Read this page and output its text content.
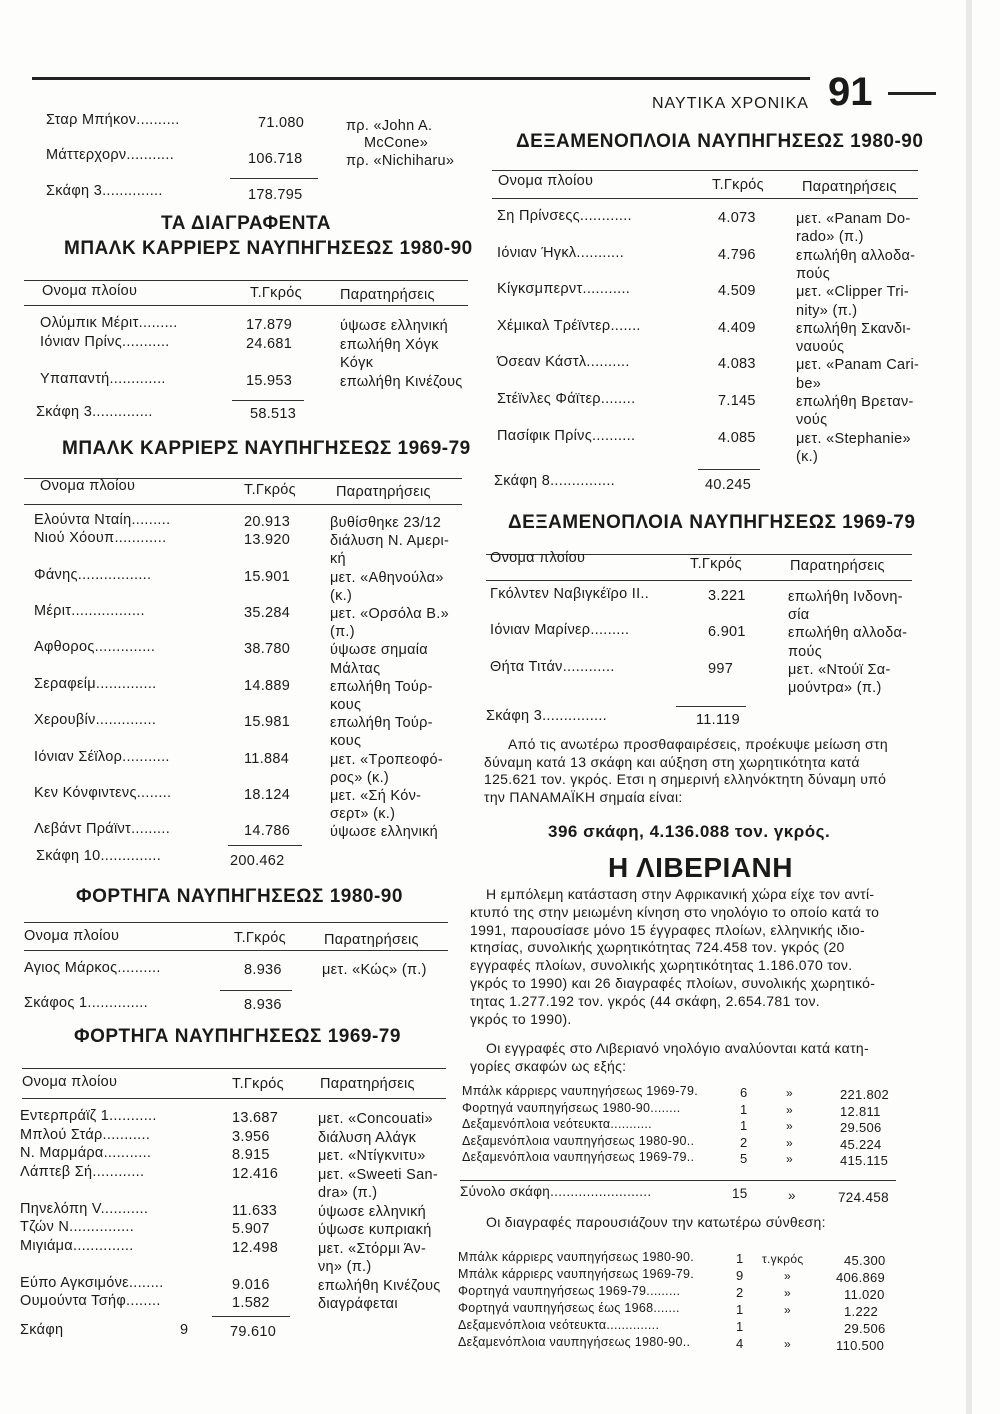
ΝΑΥΤΙΚΑ ΧΡΟΝΙΚΑ 91
Σταρ Μπήκον..........	71.080	πρ. «John A.
McCone»
Μάττερχορν...........	106.718	πρ. «Nichiharu»
Σκάφη 3..............	178.795
ΤΑ ΔΙΑΓΡΑΦΕΝΤΑ
ΜΠΑΛΚ ΚΑΡΡΙΕΡΣ ΝΑΥΠΗΓΗΣΕΩΣ 1980-90
Ονομα πλοίου	Τ.Γκρός	Παρατηρήσεις
Ολύμπικ Μέριτ.........	17.879	ύψωσε ελληνική
Ιόνιαν Πρίνς...........	24.681	επωλήθη Χόγκ
Κόγκ
Υπαπαντή.............	15.953	επωλήθη Κινέζους
Σκάφη 3..............	58.513
ΜΠΑΛΚ ΚΑΡΡΙΕΡΣ ΝΑΥΠΗΓΗΣΕΩΣ 1969-79
Ονομα πλοίου	Τ.Γκρός	Παρατηρήσεις
Ελούντα Νταίη.........	20.913	βυθίσθηκε 23/12
Νιού Χόουπ............	13.920	διάλυση Ν. Αμερι-
κή
Φάνης.................	15.901	μετ. «Αθηνούλα»
(κ.)
Μέριτ.................	35.284	μετ. «Ορσόλα Β.»
(π.)
Αφθορος..............	38.780	ύψωσε σημαία
Μάλτας
Σεραφείμ..............	14.889	επωλήθη Τούρ-
κους
Χερουβίν..............	15.981	επωλήθη Τούρ-
κους
Ιόνιαν Σέϊλορ...........	11.884	μετ. «Τροπεοφό-
ρος» (κ.)
Κεν Κόνφιντενς........	18.124	μετ. «Σή Κόν-
σερτ» (κ.)
Λεβάντ Πράϊντ.........	14.786	ύψωσε ελληνική
Σκάφη 10..............	200.462
ΦΟΡΤΗΓΑ ΝΑΥΠΗΓΗΣΕΩΣ 1980-90
Ονομα πλοίου	Τ.Γκρός	Παρατηρήσεις
Αγιος Μάρκος..........	8.936	μετ. «Κώς» (π.)
Σκάφος 1..............	8.936
ΦΟΡΤΗΓΑ ΝΑΥΠΗΓΗΣΕΩΣ 1969-79
Ονομα πλοίου	Τ.Γκρός Παρατηρήσεις
Εντερπράϊζ 1...........	13.687	μετ. «Concouati»
Μπλού Στάρ...........	3.956	διάλυση Αλάγκ
Ν. Μαρμάρα...........	8.915	μετ. «Ντίγκνιτυ»
Λάπτεβ Σή............	12.416	μετ. «Sweeti San-
dra» (π.)
Πηνελόπη V...........	11.633	ύψωσε ελληνική
Τζών Ν...............	5.907	ύψωσε κυπριακή
Μιγιάμα..............	12.498	μετ. «Στόρμι Άν-
νη» (π.)
Εύπο Αγκσιμόνε........	9.016	επωλήθη Κινέζους
Ουμούντα Τσήφ........	1.582	διαγράφεται
Σκάφη	9	79.610
ΔΕΞΑΜΕΝΟΠΛΟΙΑ ΝΑΥΠΗΓΗΣΕΩΣ 1980-90
Ονομα πλοίου	Τ.Γκρός	Παρατηρήσεις
Ση Πρίνσεςς............	4.073	μετ. «Panam Do-
rado» (π.)
Ιόνιαν Ήγκλ...........	4.796	επωλήθη αλλοδα-
πούς
Κίγκσμπερντ...........	4.509	μετ. «Clipper Tri-
nity» (π.)
Χέμικαλ Τρέϊντερ.......	4.409	επωλήθη Σκανδι-
ναυούς
Όσεαν Κάστλ..........	4.083	μετ. «Panam Cari-
be»
Στέϊνλες Φάϊτερ........	7.145	επωλήθη Βρεταν-
νούς
Πασίφικ Πρίνς..........	4.085	μετ. «Stephanie»
(κ.)
Σκάφη 8...............	40.245
ΔΕΞΑΜΕΝΟΠΛΟΙΑ ΝΑΥΠΗΓΗΣΕΩΣ 1969-79
Ονομα πλοίου	Τ.Γκρός	Παρατηρήσεις
Γκόλντεν Ναβιγκέϊρο ΙΙ..	3.221	επωλήθη Ινδονη-
σία
Ιόνιαν Μαρίνερ.........	6.901	επωλήθη αλλοδα-
πούς
Θήτα Τιτάν............	997	μετ. «Ντούϊ Σα-
μούντρα» (π.)
Σκάφη 3...............	11.119
Από τις ανωτέρω προσθαφαιρέσεις, προέκυψε μείωση στη
δύναμη κατά 13 σκάφη και αύξηση στη χωρητικότητα κατά
125.621 τον. γκρός. Ετσι η σημερινή ελληνόκτητη δύναμη υπό
την ΠΑΝΑΜΑΪΚΗ σημαία είναι:
396 σκάφη, 4.136.088 τον. γκρός.
Η ΛΙΒΕΡΙΑΝΗ
Η εμπόλεμη κατάσταση στην Αφρικανική χώρα είχε τον αντί-
κτυπό της στην μειωμένη κίνηση στο νηολόγιο το οποίο κατά το
1991, παρουσίασε μόνο 15 έγγραφες πλοίων, ελληνικής ιδιο-
κτησίας, συνολικής χωρητικότητας 724.458 τον. γκρός (20
εγγραφές πλοίων, συνολικής χωρητικότητας 1.186.070 τον.
γκρός το 1990) και 26 διαγραφές πλοίων, συνολικής χωρητικό-
τητας 1.277.192 τον. γκρός (44 σκάφη, 2.654.781 τον.
γκρός το 1990).
Οι εγγραφές στο Λιβεριανό νηολόγιο αναλύονται κατά κατη-
γορίες σκαφών ως εξής:
Μπάλκ κάρριερς ναυπηγήσεως 1969-79.	6	»	221.802
Φορτηγά ναυπηγήσεως 1980-90........	1	»	12.811
Δεξαμενόπλοια νεότευκτα...........	1	»	29.506
Δεξαμενόπλοια ναυπηγήσεως 1980-90..	2	»	45.224
Δεξαμενόπλοια ναυπηγήσεως 1969-79..	5	»	415.115
Σύνολο σκάφη.........................	15	»	724.458
Οι διαγραφές παρουσιάζουν την κατωτέρω σύνθεση:
Μπάλκ κάρριερς ναυπηγήσεως 1980-90.	1 τ.γκρός	45.300
Μπάλκ κάρριερς ναυπηγήσεως 1969-79.	9	»	406.869
Φορτηγά ναυπηγήσεως 1969-79.........	2	»	11.020
Φορτηγά ναυπηγήσεως έως 1968.......	1	»	1.222
Δεξαμενόπλοια νεότευκτα..............	1	29.506
Δεξαμενόπλοια ναυπηγήσεως 1980-90..	4	»	110.500
